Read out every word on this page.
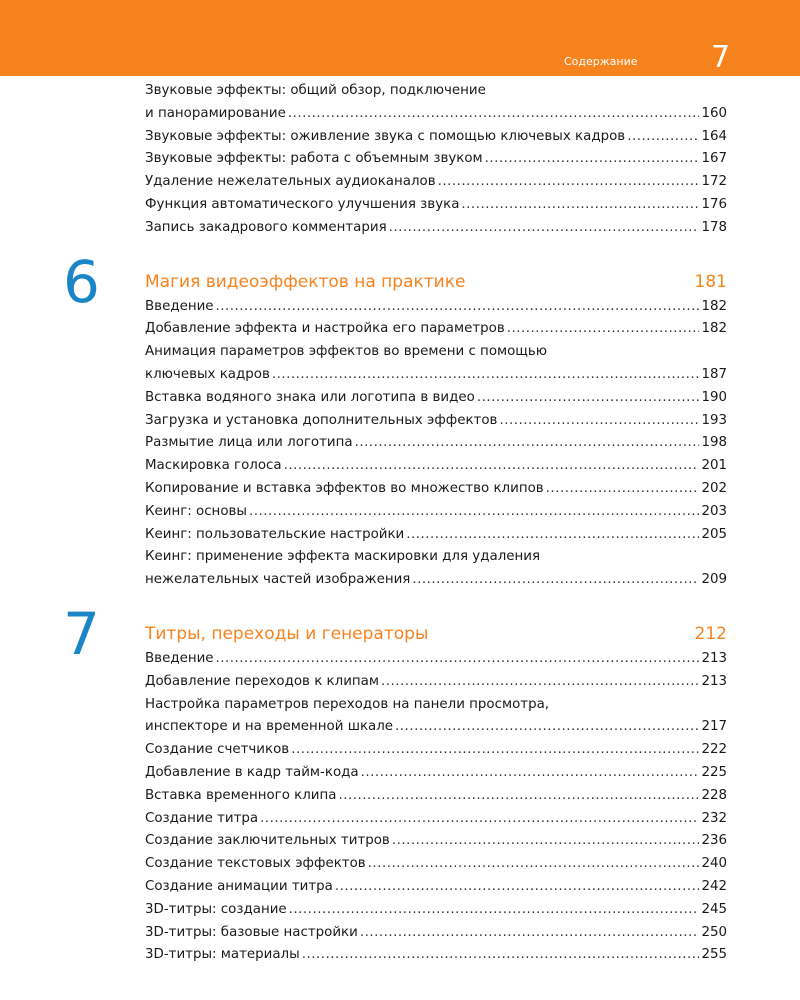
Содержание 7
Звуковые эффекты: общий обзор, подключение
и панорамирование .....	160
Звуковые эффекты: оживление звука с помощью ключевых кадров .....	164
Звуковые эффекты: работа с объемным звуком .....	167
Удаление нежелательных аудиоканалов .....	172
Функция автоматического улучшения звука .....	176
Запись закадрового комментария .....	178
6	Магия видеоэффектов на практике	181
Введение .....	182
Добавление эффекта и настройка его параметров .....	182
Анимация параметров эффектов во времени с помощью
ключевых кадров .....	187
Вставка водяного знака или логотипа в видео .....	190
Загрузка и установка дополнительных эффектов .....	193
Размытие лица или логотипа .....	198
Маскировка голоса .....	201
Копирование и вставка эффектов во множество клипов .....	202
Кеинг: основы .....	203
Кеинг: пользовательские настройки .....	205
Кеинг: применение эффекта маскировки для удаления
нежелательных частей изображения .....	209
7	Титры, переходы и генераторы	212
Введение .....	213
Добавление переходов к клипам .....	213
Настройка параметров переходов на панели просмотра,
инспекторе и на временной шкале .....	217
Создание счетчиков .....	222
Добавление в кадр тайм-кода .....	225
Вставка временного клипа .....	228
Создание титра .....	232
Создание заключительных титров .....	236
Создание текстовых эффектов .....	240
Создание анимации титра .....	242
3D-титры: создание .....	245
3D-титры: базовые настройки .....	250
3D-титры: материалы .....	255
